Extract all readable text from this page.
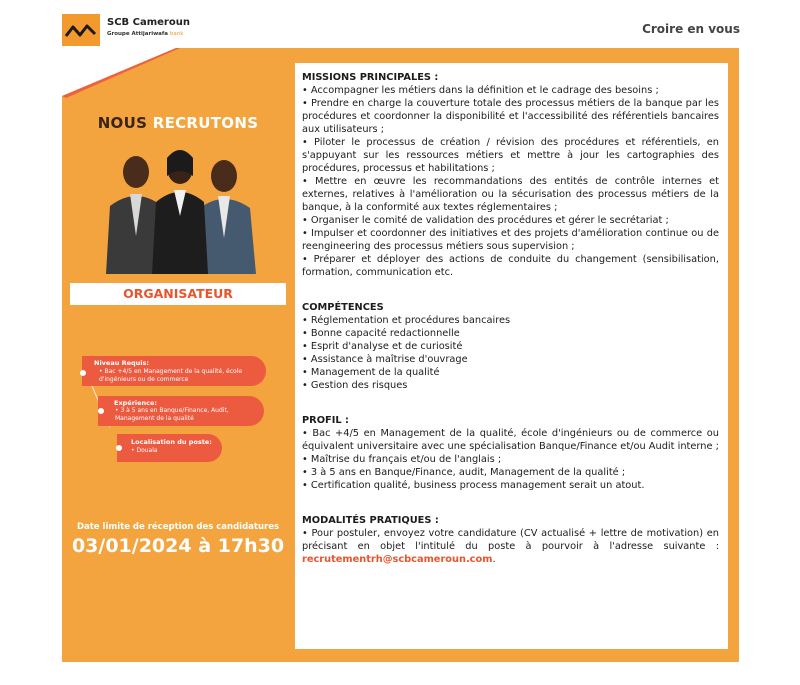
SCB Cameroun
Groupe Attijariwafa bank	Croire en vous
NOUS RECRUTONS
ORGANISATEUR
Niveau Requis:
• Bac +4/5 en Management de la qualité, école d'ingénieurs ou de commerce
Expérience:
• 3 à 5 ans en Banque/Finance, Audit, Management de la qualité
Localisation du poste:
• Douala
Date limite de réception des candidatures
03/01/2024 à 17h30

MISSIONS PRINCIPALES :

• Accompagner les métiers dans la définition et le cadrage des besoins ;

• Prendre en charge la couverture totale des processus métiers de la banque par les procédures et coordonner la disponibilité et l'accessibilité des référentiels bancaires aux utilisateurs ;

• Piloter le processus de création / révision des procédures et référentiels, en s'appuyant sur les ressources métiers et mettre à jour les cartographies des procédures, processus et habilitations ;

• Mettre en œuvre les recommandations des entités de contrôle internes et externes, relatives à l'amélioration ou la sécurisation des processus métiers de la banque, à la conformité aux textes réglementaires ;

• Organiser le comité de validation des procédures et gérer le secrétariat ;

• Impulser et coordonner des initiatives et des projets d'amélioration continue ou de reengineering des processus métiers sous supervision ;

• Préparer et déployer des actions de conduite du changement (sensibilisation, formation, communication etc.

COMPÉTENCES

• Réglementation et procédures bancaires

• Bonne capacité redactionnelle

• Esprit d'analyse et de curiosité

• Assistance à maîtrise d'ouvrage

• Management de la qualité

• Gestion des risques

PROFIL :

• Bac +4/5 en Management de la qualité, école d'ingénieurs ou de commerce ou équivalent universitaire avec une spécialisation Banque/Finance et/ou Audit interne ;

• Maîtrise du français et/ou de l'anglais ;

• 3 à 5 ans en Banque/Finance, audit, Management de la qualité ;

• Certification qualité, business process management serait un atout.

MODALITÉS PRATIQUES :

• Pour postuler, envoyez votre candidature (CV actualisé + lettre de motivation) en précisant en objet l'intitulé du poste à pourvoir à l'adresse suivante : recrutementrh@scbcameroun.com.
